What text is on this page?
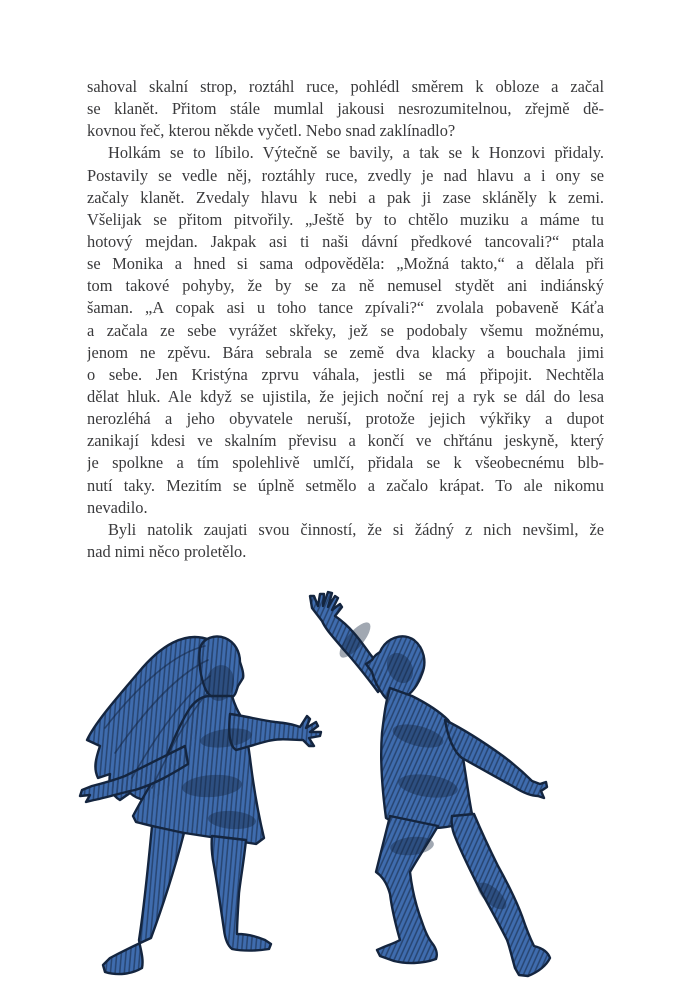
sahoval skalní strop, roztáhl ruce, pohlédl směrem k obloze a začal
se klanět. Přitom stále mumlal jakousi nesrozumitelnou, zřejmě dě-
kovnou řeč, kterou někde vyčetl. Nebo snad zaklínadlo?
Holkám se to líbilo. Výtečně se bavily, a tak se k Honzovi přidaly.
Postavily se vedle něj, roztáhly ruce, zvedly je nad hlavu a i ony se
začaly klanět. Zvedaly hlavu k nebi a pak ji zase skláněly k zemi.
Všelijak se přitom pitvořily. „Ještě by to chtělo muziku a máme tu
hotový mejdan. Jakpak asi ti naši dávní předkové tancovali?“ ptala
se Monika a hned si sama odpověděla: „Možná takto,“ a dělala při
tom takové pohyby, že by se za ně nemusel stydět ani indiánský
šaman. „A copak asi u toho tance zpívali?“ zvolala pobaveně Káťa
a začala ze sebe vyrážet skřeky, jež se podobaly všemu možnému,
jenom ne zpěvu. Bára sebrala se země dva klacky a bouchala jimi
o sebe. Jen Kristýna zprvu váhala, jestli se má připojit. Nechtěla
dělat hluk. Ale když se ujistila, že jejich noční rej a ryk se dál do lesa
nerozléhá a jeho obyvatele neruší, protože jejich výkřiky a dupot
zanikají kdesi ve skalním převisu a končí ve chřtánu jeskyně, který
je spolkne a tím spolehlivě umlčí, přidala se k všeobecnému blb-
nutí taky. Mezitím se úplně setmělo a začalo krápat. To ale nikomu
nevadilo.
Byli natolik zaujati svou činností, že si žádný z nich nevšiml, že
nad nimi něco proletělo.
